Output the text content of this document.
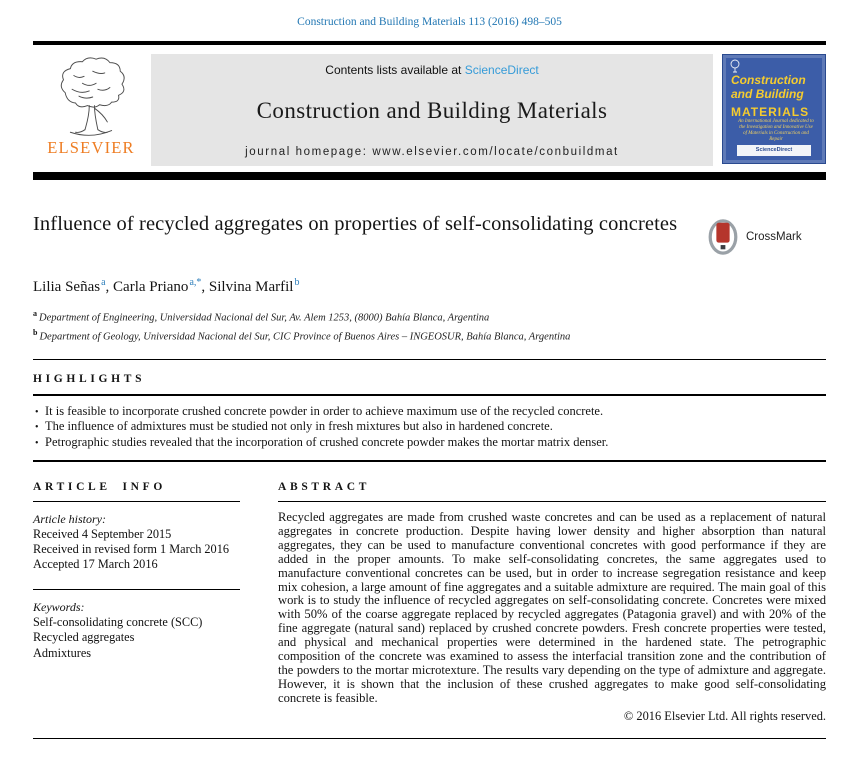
Construction and Building Materials 113 (2016) 498–505
ELSEVIER
Contents lists available at ScienceDirect
Construction and Building Materials
journal homepage: www.elsevier.com/locate/conbuildmat
Construction
and Building
MATERIALS
An International Journal dedicated to the Investigation and Innovative Use of Materials in Construction and Repair
ScienceDirect
Influence of recycled aggregates on properties of self-consolidating concretes
CrossMark
Lilia Señas$^a$, Carla Priano$^{a,*}$, Silvina Marfil$^b$
$^a$ Department of Engineering, Universidad Nacional del Sur, Av. Alem 1253, (8000) Bahía Blanca, Argentina
$^b$ Department of Geology, Universidad Nacional del Sur, CIC Province of Buenos Aires – INGEOSUR, Bahía Blanca, Argentina
HIGHLIGHTS
• It is feasible to incorporate crushed concrete powder in order to achieve maximum use of the recycled concrete.
• The influence of admixtures must be studied not only in fresh mixtures but also in hardened concrete.
• Petrographic studies revealed that the incorporation of crushed concrete powder makes the mortar matrix denser.
ARTICLE INFO
Article history:
Received 4 September 2015
Received in revised form 1 March 2016
Accepted 17 March 2016
Keywords:
Self-consolidating concrete (SCC)
Recycled aggregates
Admixtures
ABSTRACT

Recycled aggregates are made from crushed waste concretes and can be used as a replacement of natural aggregates in concrete production. Despite having lower density and higher absorption than natural aggregates, they can be used to manufacture conventional concretes with good performance if they are added in the proper amounts. To make self-consolidating concretes, the same aggregates used to manufacture conventional concretes can be used, but in order to increase segregation resistance and keep mix cohesion, a large amount of fine aggregates and a suitable admixture are required. The main goal of this work is to study the influence of recycled aggregates on self-consolidating concrete. Concretes were mixed with 50% of the coarse aggregate replaced by recycled aggregates (Patagonia gravel) and with 20% of the fine aggregate (natural sand) replaced by crushed concrete powders. Fresh concrete properties were tested, and physical and mechanical properties were determined in the hardened state. The petrographic composition of the concrete was examined to assess the interfacial transition zone and the contribution of the powders to the mortar microtexture. The results vary depending on the type of admixture and aggregate. However, it is shown that the inclusion of these crushed aggregates to make good self-consolidating concrete is feasible.

© 2016 Elsevier Ltd. All rights reserved.
